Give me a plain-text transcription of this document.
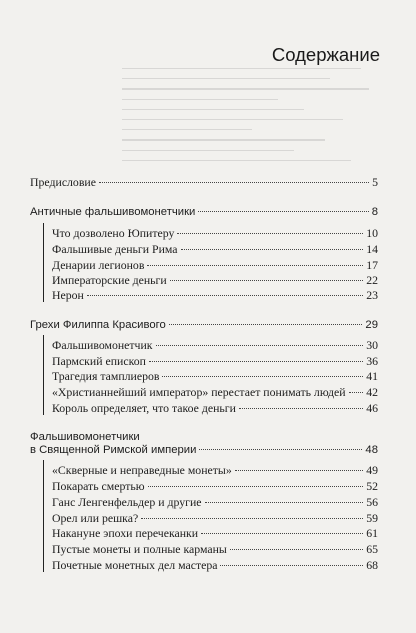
Содержание
Предисловие	5
Античные фальшивомонетчики	8
Что дозволено Юпитеру	10
Фальшивые деньги Рима	14
Денарии легионов	17
Императорские деньги	22
Нерон	23
Грехи Филиппа Красивого	29
Фальшивомонетчик	30
Пармский епископ	36
Трагедия тамплиеров	41
«Христианнейший император» перестает понимать людей 42
Король определяет, что такое деньги	46
Фальшивомонетчики
в Священной Римской империи	48
«Скверные и неправедные монеты»	49
Покарать смертью	52
Ганс Ленгенфельдер и другие	56
Орел или решка?	59
Накануне эпохи перечеканки	61
Пустые монеты и полные карманы	65
Почетные монетных дел мастера	68
